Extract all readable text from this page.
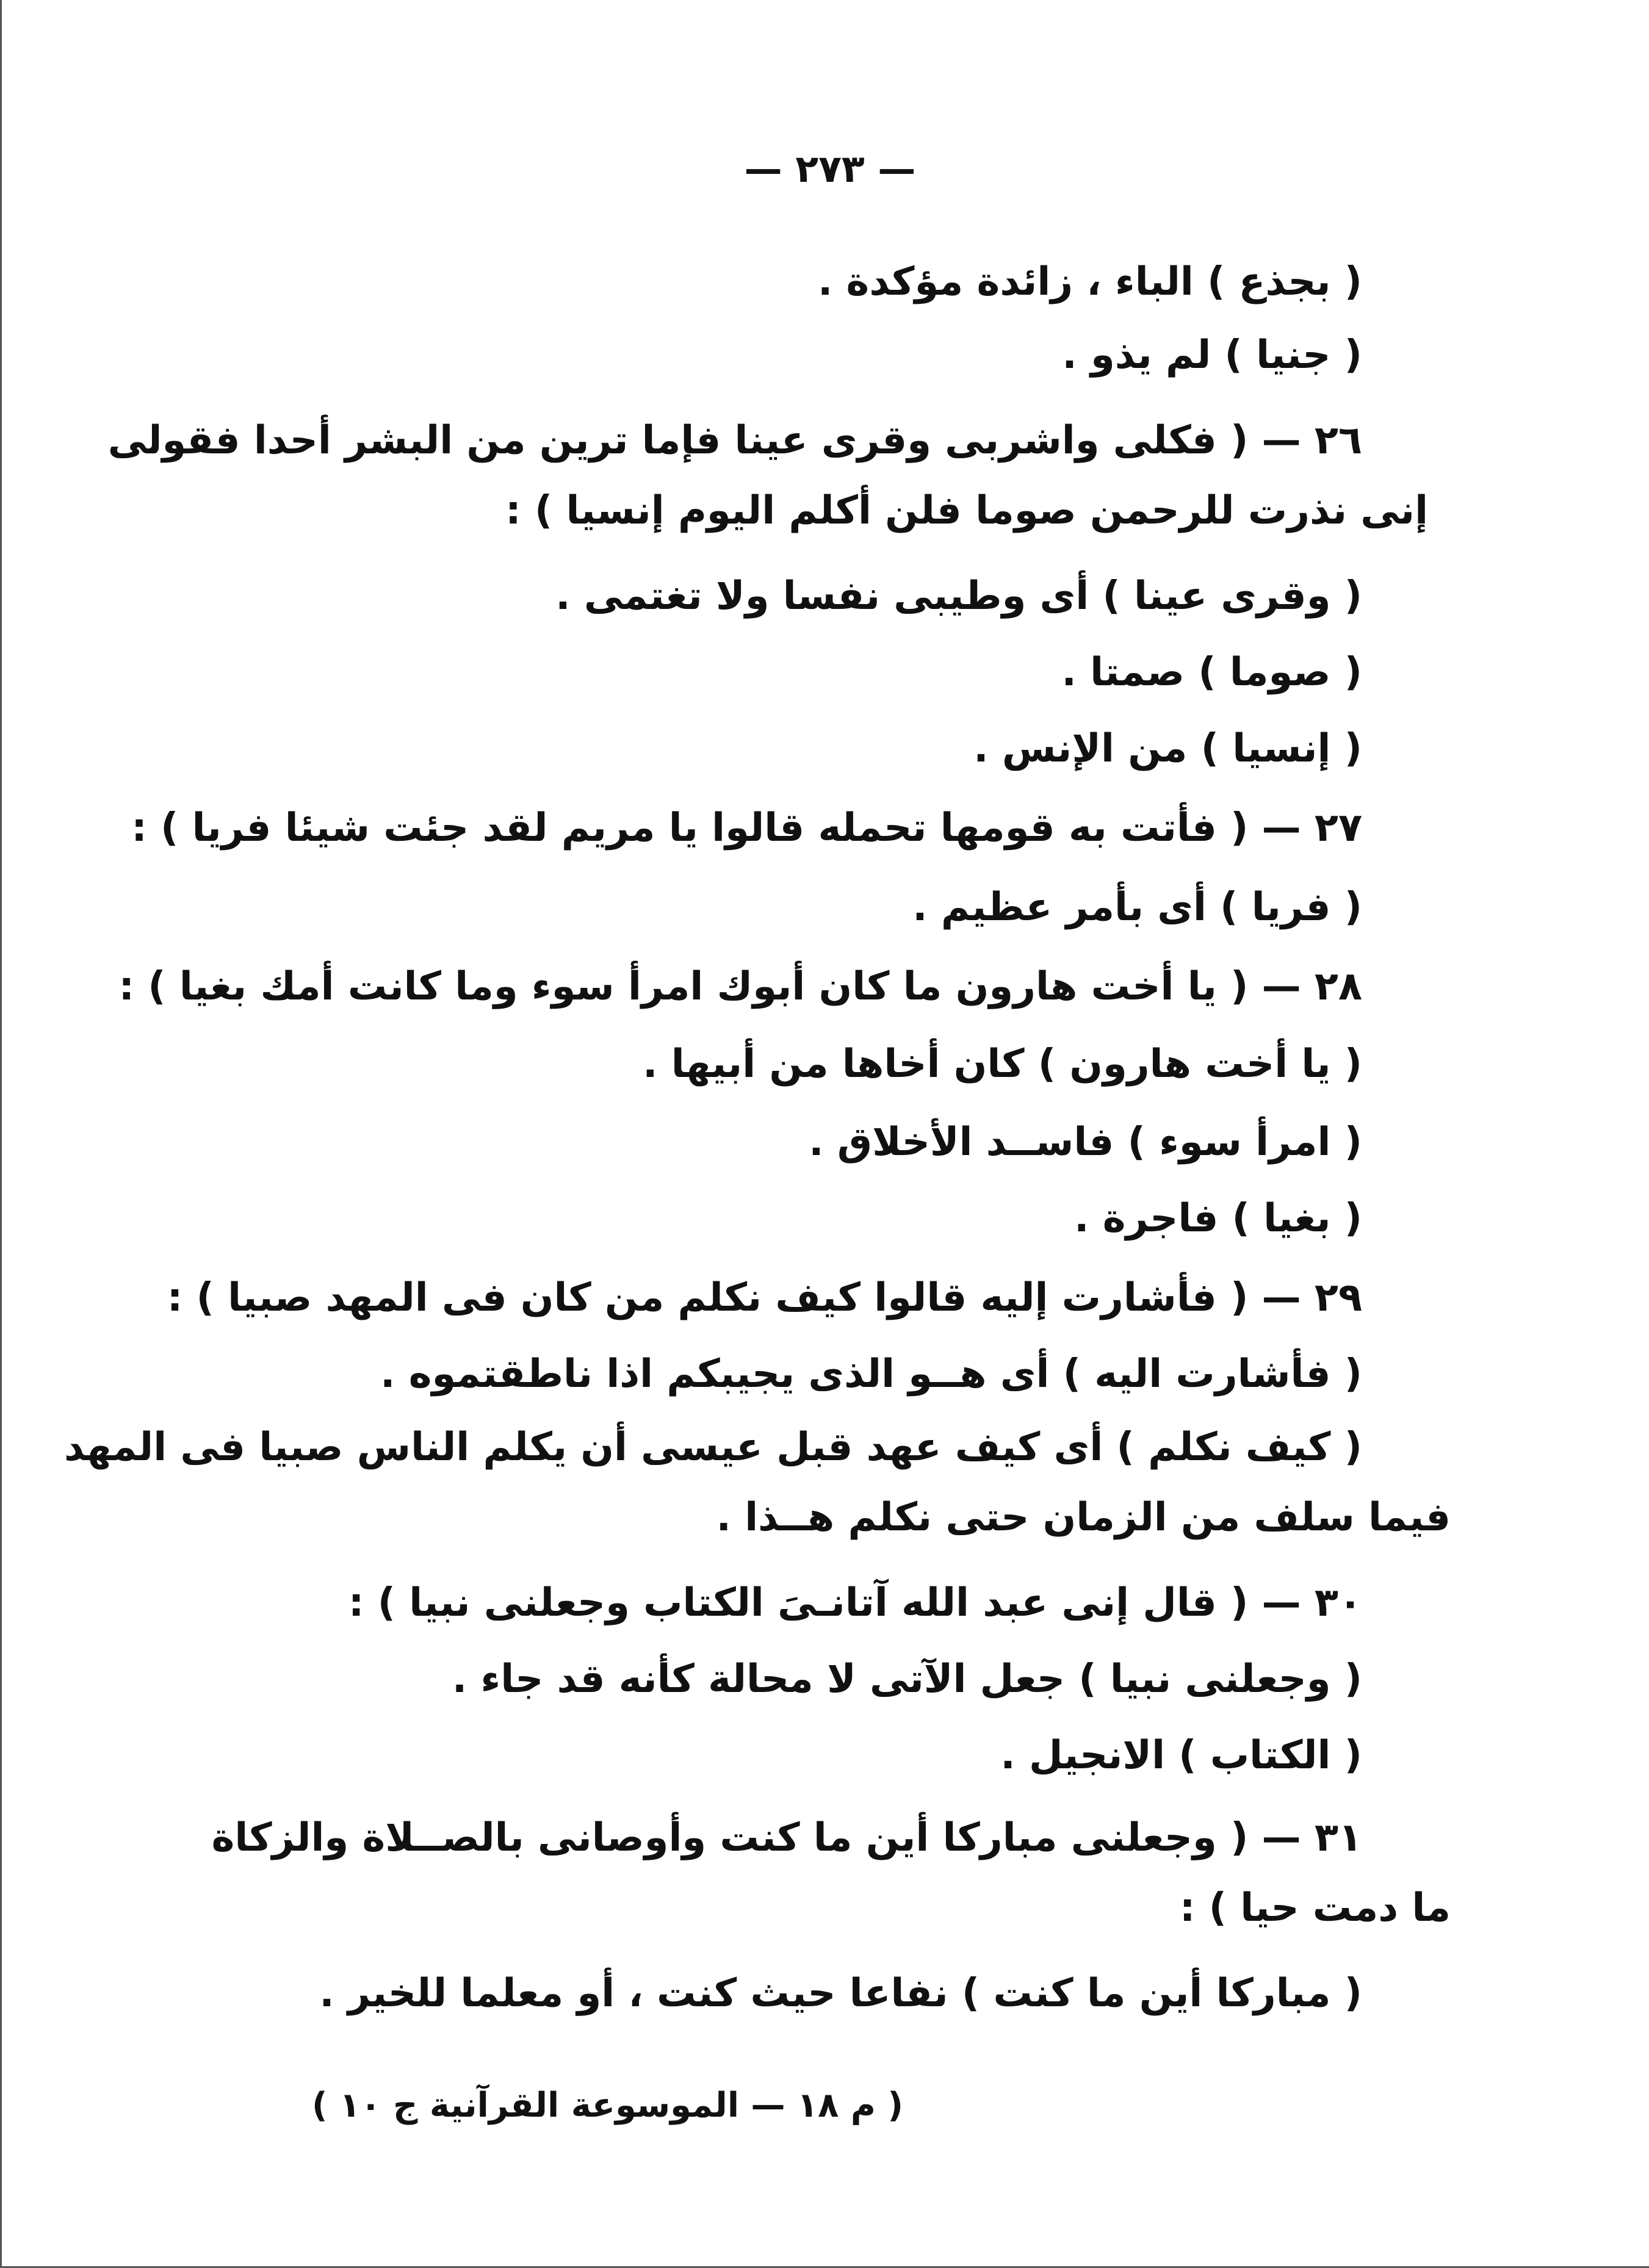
— ٢٧٣ —
( بجذع ) الباء ، زائدة مؤكدة .
( جنيا ) لم يذو .
٢٦ — ( فكلى واشربى وقرى عينا فإما ترين من البشر أحدا فقولى
إنى نذرت للرحمن صوما فلن أكلم اليوم إنسيا ) :
( وقرى عينا ) أى وطيبى نفسا ولا تغتمى .
( صوما ) صمتا .
( إنسيا ) من الإنس .
٢٧ — ( فأتت به قومها تحمله قالوا يا مريم لقد جئت شيئا فريا ) :
( فريا ) أى بأمر عظيم .
٢٨ — ( يا أخت هارون ما كان أبوك امرأ سوء وما كانت أمك بغيا ) :
( يا أخت هارون ) كان أخاها من أبيها .
( امرأ سوء ) فاســد الأخلاق .
( بغيا ) فاجرة .
٢٩ — ( فأشارت إليه قالوا كيف نكلم من كان فى المهد صبيا ) :
( فأشارت اليه ) أى هــو الذى يجيبكم اذا ناطقتموه .
( كيف نكلم ) أى كيف عهد قبل عيسى أن يكلم الناس صبيا فى المهد
فيما سلف من الزمان حتى نكلم هــذا .
٣٠ — ( قال إنى عبد الله آتانـىَ الكتاب وجعلنى نبيا ) :
( وجعلنى نبيا ) جعل الآتى لا محالة كأنه قد جاء .
( الكتاب ) الانجيل .
٣١ — ( وجعلنى مباركا أين ما كنت وأوصانى بالصــلاة والزكاة
ما دمت حيا ) :
( مباركا أين ما كنت ) نفاعا حيث كنت ، أو معلما للخير .
( م ١٨ — الموسوعة القرآنية ج ١٠ )
